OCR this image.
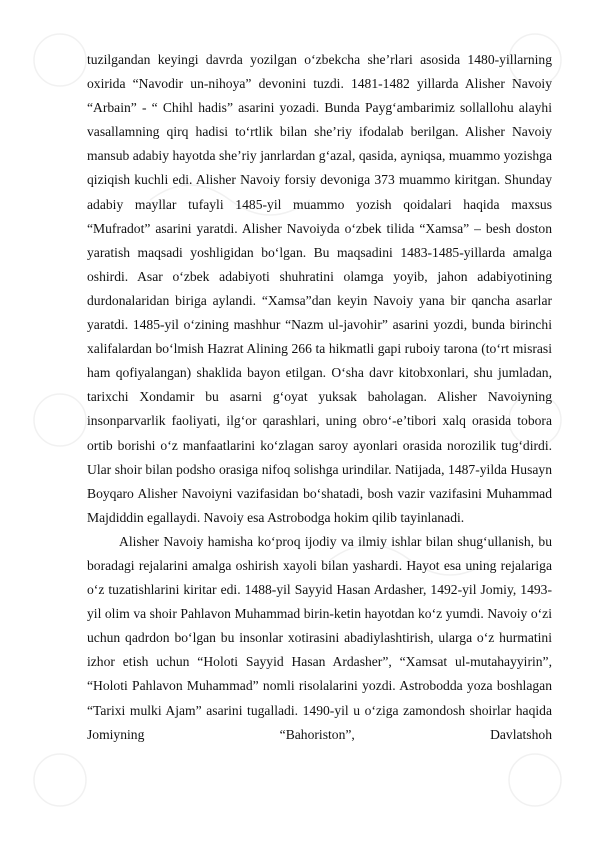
tuzilgandan keyingi davrda yozilgan o‘zbekcha she’rlari asosida 1480-yillarning oxirida “Navodir un-nihoya” devonini tuzdi. 1481-1482 yillarda Alisher Navoiy “Arbain” - “ Chihl hadis” asarini yozadi. Bunda Payg‘ambarimiz sollallohu alayhi vasallamning qirq hadisi to‘rtlik bilan she’riy ifodalab berilgan. Alisher Navoiy mansub adabiy hayotda she’riy janrlardan g‘azal, qasida, ayniqsa, muammo yozishga qiziqish kuchli edi. Alisher Navoiy forsiy devoniga 373 muammo kiritgan. Shunday adabiy mayllar tufayli 1485-yil muammo yozish qoidalari haqida maxsus “Mufradot” asarini yaratdi. Alisher Navoiyda o‘zbek tilida “Xamsa” – besh doston yaratish maqsadi yoshligidan bo‘lgan. Bu maqsadini 1483-1485-yillarda amalga oshirdi. Asar o‘zbek adabiyoti shuhratini olamga yoyib, jahon adabiyotining durdonalaridan biriga aylandi. “Xamsa”dan keyin Navoiy yana bir qancha asarlar yaratdi. 1485-yil o‘zining mashhur “Nazm ul-javohir” asarini yozdi, bunda birinchi xalifalardan bo‘lmish Hazrat Alining 266 ta hikmatli gapi ruboiy tarona (to‘rt misrasi ham qofiyalangan) shaklida bayon etilgan. O‘sha davr kitobxonlari, shu jumladan, tarixchi Xondamir bu asarni g‘oyat yuksak baholagan. Alisher Navoiyning insonparvarlik faoliyati, ilg‘or qarashlari, uning obro‘-e’tibori xalq orasida tobora ortib borishi o‘z manfaatlarini ko‘zlagan saroy ayonlari orasida norozilik tug‘dirdi. Ular shoir bilan podsho orasiga nifoq solishga urindilar. Natijada, 1487-yilda Husayn Boyqaro Alisher Navoiyni vazifasidan bo‘shatadi, bosh vazir vazifasini Muhammad Majdiddin egallaydi. Navoiy esa Astrobodga hokim qilib tayinlanadi.

Alisher Navoiy hamisha ko‘proq ijodiy va ilmiy ishlar bilan shug‘ullanish, bu boradagi rejalarini amalga oshirish xayoli bilan yashardi. Hayot esa uning rejalariga o‘z tuzatishlarini kiritar edi. 1488-yil Sayyid Hasan Ardasher, 1492-yil Jomiy, 1493-yil olim va shoir Pahlavon Muhammad birin-ketin hayotdan ko‘z yumdi. Navoiy o‘zi uchun qadrdon bo‘lgan bu insonlar xotirasini abadiylashtirish, ularga o‘z hurmatini izhor etish uchun “Holoti Sayyid Hasan Ardasher”, “Xamsat ul-mutahayyirin”, “Holoti Pahlavon Muhammad” nomli risolalarini yozdi. Astrobodda yoza boshlagan “Tarixi mulki Ajam” asarini tugalladi. 1490-yil u o‘ziga zamondosh shoirlar haqida Jomiyning “Bahoriston”, Davlatshoh
